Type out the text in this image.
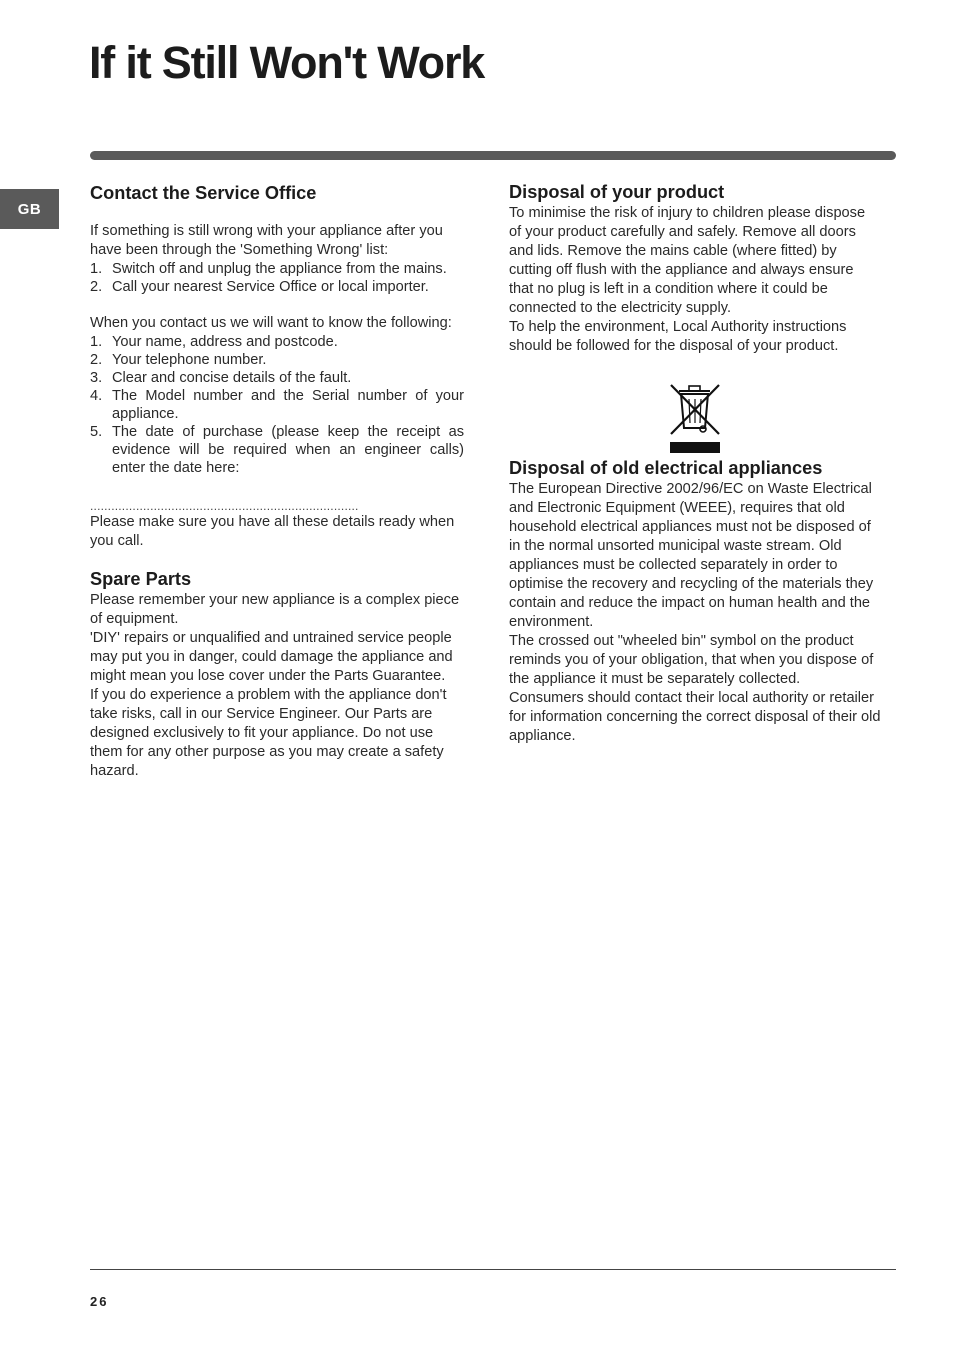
If it Still Won't Work
GB
Contact the Service Office

If something is still wrong with your appliance after you have been through the 'Something Wrong' list:

1. Switch off and unplug the appliance from the mains.
2. Call your nearest Service Office or local importer.

When you contact us we will want to know the following:

1. Your name, address and postcode.
2. Your telephone number.
3. Clear and concise details of the fault.
4. The Model number and the Serial number of your appliance.
5. The date of purchase (please keep the receipt as evidence will be required when an engineer calls) enter the date here:
............................................................................

Please make sure you have all these details ready when you call.

Spare Parts

Please remember your new appliance is a complex piece of equipment.

'DIY' repairs or unqualified and untrained service people may put you in danger, could damage the appliance and might mean you lose cover under the Parts Guarantee.

If you do experience a problem with the appliance don't take risks, call in our Service Engineer. Our Parts are designed exclusively to fit your appliance. Do not use them for any other purpose as you may create a safety hazard.

Disposal of your product

To minimise the risk of injury to children please dispose of your product carefully and safely. Remove all doors and lids. Remove the mains cable (where fitted) by cutting off flush with the appliance and always ensure that no plug is left in a condition where it could be connected to the electricity supply.

To help the environment, Local Authority instructions should be followed for the disposal of your product.

Disposal of old electrical appliances

The European Directive 2002/96/EC on Waste Electrical and Electronic Equipment (WEEE), requires that old household electrical appliances must not be disposed of in the normal unsorted municipal waste stream. Old appliances must be collected separately in order to optimise the recovery and recycling of the materials they contain and reduce the impact on human health and the environment.

The crossed out "wheeled bin" symbol on the product reminds you of your obligation, that when you dispose of the appliance it must be separately collected.

Consumers should contact their local authority or retailer for information concerning the correct disposal of their old appliance.

26
